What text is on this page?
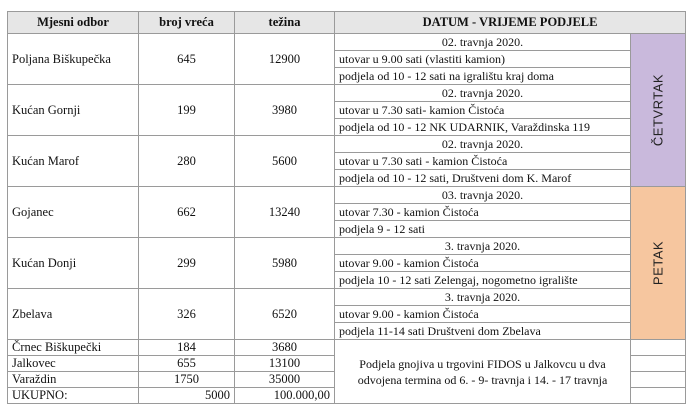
Mjesni odbor	broj vreća	težina	DATUM - VRIJEME PODJELE	
Poljana Biškupečka	645	12900	02. travnja 2020.	ČETVRTAK

			utovar u 9.00 sati (vlastiti kamion)	
			podjela od 10 - 12 sati na igralištu kraj doma	
Kućan Gornji	199	3980	02. travnja 2020.	
			utovar u 7.30 sati- kamion Čistoća	
			podjela od 10 - 12 NK UDARNIK, Varaždinska 119	
Kućan Marof	280	5600	02. travnja 2020.	
			utovar u 7.30 sati - kamion Čistoća	
			podjela od 10 - 12 sati, Društveni dom K. Marof	
Gojanec	662	13240	03. travnja 2020.	PETAK

			utovar 7.30 - kamion Čistoća	
			podjela 9 - 12 sati	
Kućan Donji	299	5980	3. travnja 2020.	
			utovar 9.00 - kamion Čistoća	
			podjela 10 - 12 sati Zelengaj, nogometno igralište	
Zbelava	326	6520	3. travnja 2020.	
			utovar 9.00 - kamion Čistoća	
			podjela 11-14 sati Društveni dom Zbelava	
Črnec Biškupečki	184	3680	Podjela gnojiva u trgovini FIDOS u Jalkovcu u dva odvojena termina od 6. - 9- travnja i 14. - 17 travnja	
Jalkovec	655	13100		
Varaždin	1750	35000		
UKUPNO:	5000	100.000,00		
